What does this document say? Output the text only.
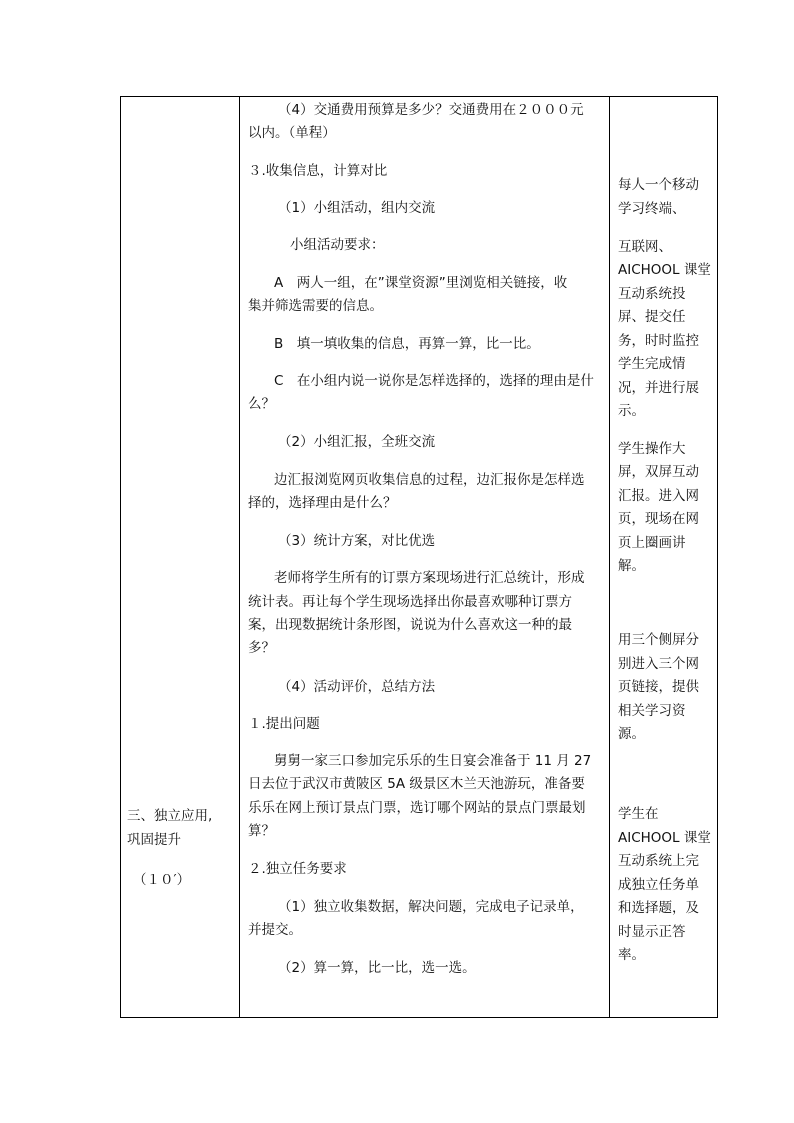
三、独立应用,

巩固提升

（１０′）

（4）交通费用预算是多少？交通费用在２０００元

以内。（单程）

３.收集信息，计算对比

（1）小组活动，组内交流

小组活动要求：

A　两人一组，在”课堂资源”里浏览相关链接，收

集并筛选需要的信息。

B　填一填收集的信息，再算一算，比一比。

C　在小组内说一说你是怎样选择的，选择的理由是什

么？

（2）小组汇报，全班交流

边汇报浏览网页收集信息的过程，边汇报你是怎样选

择的，选择理由是什么？

（3）统计方案，对比优选

老师将学生所有的订票方案现场进行汇总统计，形成

统计表。再让每个学生现场选择出你最喜欢哪种订票方

案，出现数据统计条形图，说说为什么喜欢这一种的最

多？

（4）活动评价，总结方法

１.提出问题

舅舅一家三口参加完乐乐的生日宴会准备于 11 月 27

日去位于武汉市黄陂区 5A 级景区木兰天池游玩，准备要

乐乐在网上预订景点门票，选订哪个网站的景点门票最划

算？

２.独立任务要求

（1）独立收集数据，解决问题，完成电子记录单，

并提交。

（2）算一算，比一比，选一选。

每人一个移动

学习终端、

互联网、

AICHOOL 课堂

互动系统投

屏、提交任

务，时时监控

学生完成情

况，并进行展

示。

学生操作大

屏，双屏互动

汇报。进入网

页，现场在网

页上圈画讲

解。

用三个侧屏分

别进入三个网

页链接，提供

相关学习资

源。

学生在

AICHOOL 课堂

互动系统上完

成独立任务单

和选择题，及

时显示正答

率。
